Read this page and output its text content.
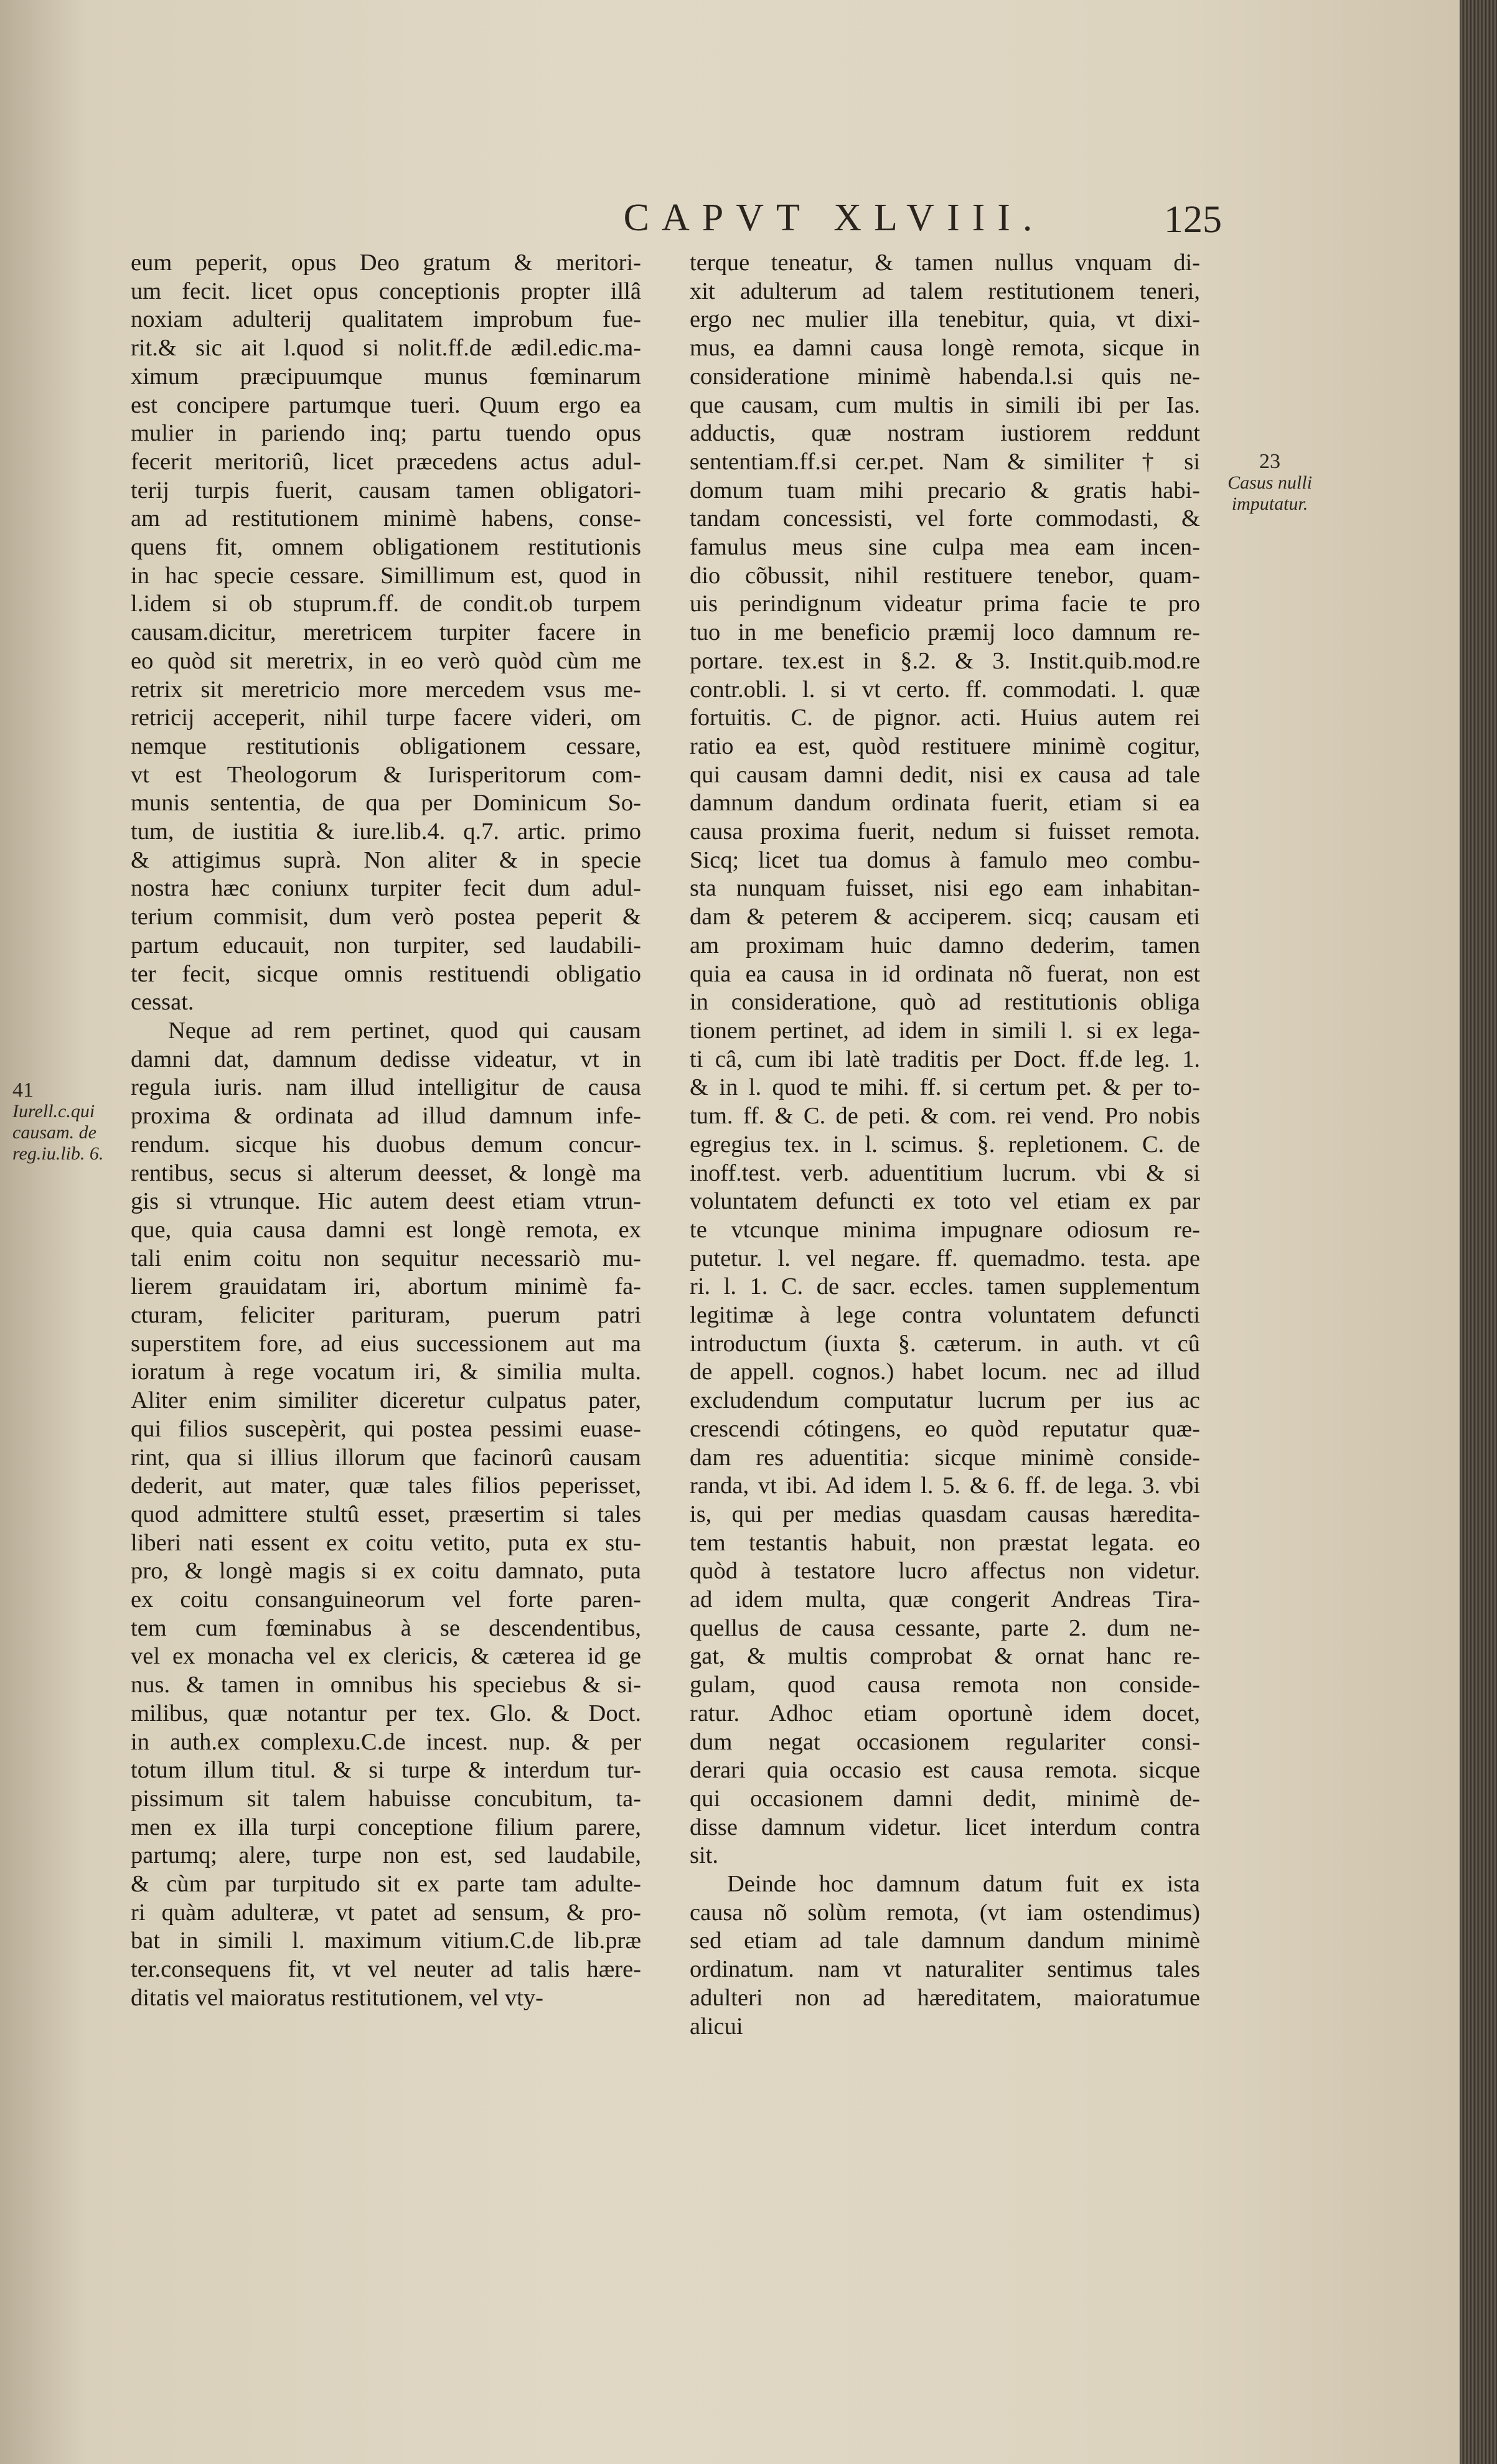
CAPVT XLVIII.	125
eum peperit, opus Deo gratum & meritori-
um fecit. licet opus conceptionis propter illâ
noxiam adulterij qualitatem improbum fue-
rit.& sic ait l.quod si nolit.ff.de ædil.edic.ma-
ximum præcipuumque munus fœminarum
est concipere partumque tueri. Quum ergo ea
mulier in pariendo inq; partu tuendo opus
fecerit meritoriû, licet præcedens actus adul-
terij turpis fuerit, causam tamen obligatori-
am ad restitutionem minimè habens, conse-
quens fit, omnem obligationem restitutionis
in hac specie cessare. Simillimum est, quod in
l.idem si ob stuprum.ff. de condit.ob turpem
causam.dicitur, meretricem turpiter facere in
eo quòd sit meretrix, in eo verò quòd cùm me
retrix sit meretricio more mercedem vsus me-
retricij acceperit, nihil turpe facere videri, om
nemque restitutionis obligationem cessare,
vt est Theologorum & Iurisperitorum com-
munis sententia, de qua per Dominicum So-
tum, de iustitia & iure.lib.4. q.7. artic. primo
& attigimus suprà. Non aliter & in specie
nostra hæc coniunx turpiter fecit dum adul-
terium commisit, dum verò postea peperit &
partum educauit, non turpiter, sed laudabili-
ter fecit, sicque omnis restituendi obligatio
cessat.
Neque ad rem pertinet, quod qui causam
damni dat, damnum dedisse videatur, vt in
regula iuris. nam illud intelligitur de causa
proxima & ordinata ad illud damnum infe-
rendum. sicque his duobus demum concur-
rentibus, secus si alterum deesset, & longè ma
gis si vtrunque. Hic autem deest etiam vtrun-
que, quia causa damni est longè remota, ex
tali enim coitu non sequitur necessariò mu-
lierem grauidatam iri, abortum minimè fa-
cturam, feliciter parituram, puerum patri
superstitem fore, ad eius successionem aut ma
ioratum à rege vocatum iri, & similia multa.
Aliter enim similiter diceretur culpatus pater,
qui filios suscepèrit, qui postea pessimi euase-
rint, qua si illius illorum que facinorû causam
dederit, aut mater, quæ tales filios peperisset,
quod admittere stultû esset, præsertim si tales
liberi nati essent ex coitu vetito, puta ex stu-
pro, & longè magis si ex coitu damnato, puta
ex coitu consanguineorum vel forte paren-
tem cum fœminabus à se descendentibus,
vel ex monacha vel ex clericis, & cæterea id ge
nus. & tamen in omnibus his speciebus & si-
milibus, quæ notantur per tex. Glo. & Doct.
in auth.ex complexu.C.de incest. nup. & per
totum illum titul. & si turpe & interdum tur-
pissimum sit talem habuisse concubitum, ta-
men ex illa turpi conceptione filium parere,
partumq; alere, turpe non est, sed laudabile,
& cùm par turpitudo sit ex parte tam adulte-
ri quàm adulteræ, vt patet ad sensum, & pro-
bat in simili l. maximum vitium.C.de lib.præ
ter.consequens fit, vt vel neuter ad talis hære-
ditatis vel maioratus restitutionem, vel vty-
terque teneatur, & tamen nullus vnquam di-
xit adulterum ad talem restitutionem teneri,
ergo nec mulier illa tenebitur, quia, vt dixi-
mus, ea damni causa longè remota, sicque in
consideratione minimè habenda.l.si quis ne-
que causam, cum multis in simili ibi per Ias.
adductis, quæ nostram iustiorem reddunt
sententiam.ff.si cer.pet. Nam & similiter † si
domum tuam mihi precario & gratis habi-
tandam concessisti, vel forte commodasti, &
famulus meus sine culpa mea eam incen-
dio cõbussit, nihil restituere tenebor, quam-
uis perindignum videatur prima facie te pro
tuo in me beneficio præmij loco damnum re-
portare. tex.est in §.2. & 3. Instit.quib.mod.re
contr.obli. l. si vt certo. ff. commodati. l. quæ
fortuitis. C. de pignor. acti. Huius autem rei
ratio ea est, quòd restituere minimè cogitur,
qui causam damni dedit, nisi ex causa ad tale
damnum dandum ordinata fuerit, etiam si ea
causa proxima fuerit, nedum si fuisset remota.
Sicq; licet tua domus à famulo meo combu-
sta nunquam fuisset, nisi ego eam inhabitan-
dam & peterem & acciperem. sicq; causam eti
am proximam huic damno dederim, tamen
quia ea causa in id ordinata nõ fuerat, non est
in consideratione, quò ad restitutionis obliga
tionem pertinet, ad idem in simili l. si ex lega-
ti câ, cum ibi latè traditis per Doct. ff.de leg. 1.
& in l. quod te mihi. ff. si certum pet. & per to-
tum. ff. & C. de peti. & com. rei vend. Pro nobis
egregius tex. in l. scimus. §. repletionem. C. de
inoff.test. verb. aduentitium lucrum. vbi & si
voluntatem defuncti ex toto vel etiam ex par
te vtcunque minima impugnare odiosum re-
putetur. l. vel negare. ff. quemadmo. testa. ape
ri. l. 1. C. de sacr. eccles. tamen supplementum
legitimæ à lege contra voluntatem defuncti
introductum (iuxta §. cæterum. in auth. vt cû
de appell. cognos.) habet locum. nec ad illud
excludendum computatur lucrum per ius ac
crescendi cótingens, eo quòd reputatur quæ-
dam res aduentitia: sicque minimè conside-
randa, vt ibi. Ad idem l. 5. & 6. ff. de lega. 3. vbi
is, qui per medias quasdam causas hæredita-
tem testantis habuit, non præstat legata. eo
quòd à testatore lucro affectus non videtur.
ad idem multa, quæ congerit Andreas Tira-
quellus de causa cessante, parte 2. dum ne-
gat, & multis comprobat & ornat hanc re-
gulam, quod causa remota non conside-
ratur. Adhoc etiam oportunè idem docet,
dum negat occasionem regulariter consi-
derari quia occasio est causa remota. sicque
qui occasionem damni dedit, minimè de-
disse damnum videtur. licet interdum contra
sit.
Deinde hoc damnum datum fuit ex ista
causa nõ solùm remota, (vt iam ostendimus)
sed etiam ad tale damnum dandum minimè
ordinatum. nam vt naturaliter sentimus tales
adulteri non ad hæreditatem, maioratumue
alicui
41
Iurell.c.qui causam. de reg.iu.lib. 6.
23
Casus nulli imputatur.
